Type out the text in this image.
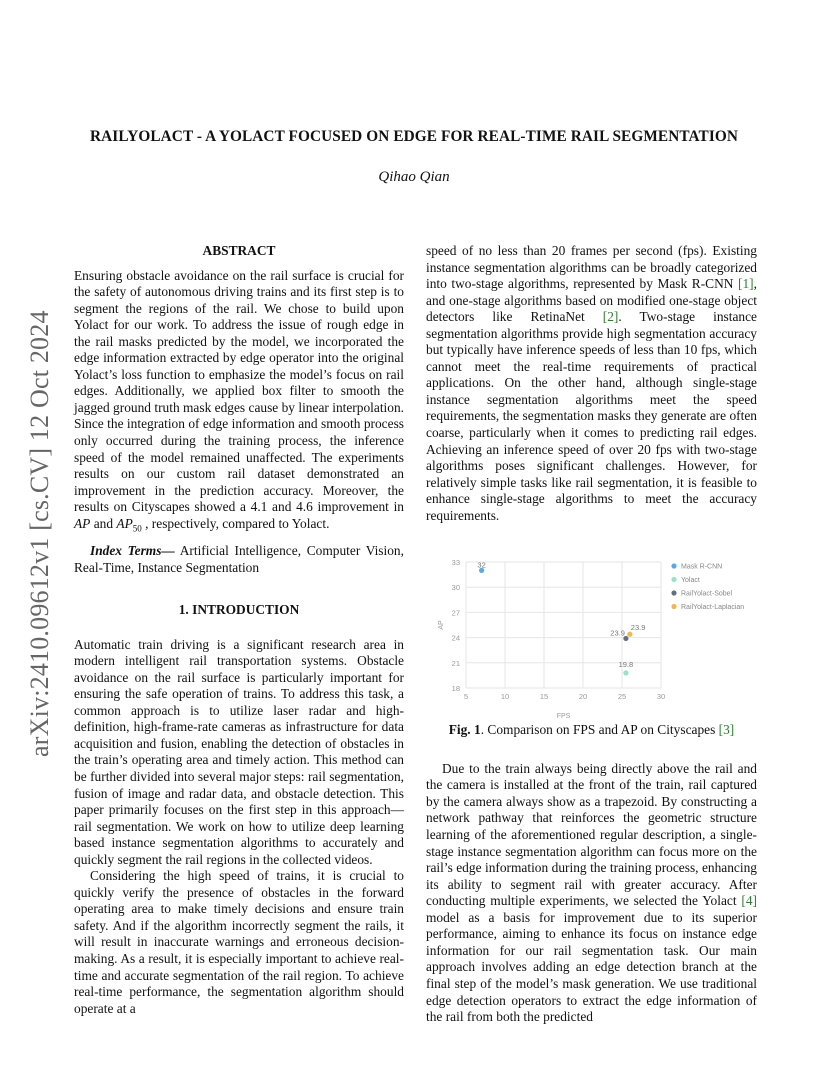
arXiv:2410.09612v1 [cs.CV] 12 Oct 2024
RAILYOLACT - A YOLACT FOCUSED ON EDGE FOR REAL-TIME RAIL SEGMENTATION
Qihao Qian

ABSTRACT

Ensuring obstacle avoidance on the rail surface is crucial for the safety of autonomous driving trains and its first step is to segment the regions of the rail. We chose to build upon Yolact for our work. To address the issue of rough edge in the rail masks predicted by the model, we incorporated the edge information extracted by edge operator into the original Yolact’s loss function to emphasize the model’s focus on rail edges. Additionally, we applied box filter to smooth the jagged ground truth mask edges cause by linear interpolation. Since the integration of edge information and smooth process only occurred during the training process, the inference speed of the model remained unaffected. The experiments results on our custom rail dataset demonstrated an improvement in the prediction accuracy. Moreover, the results on Cityscapes showed a 4.1 and 4.6 improvement in AP and $AP_{50}$ , respectively, compared to Yolact.

Index Terms— Artificial Intelligence, Computer Vision, Real-Time, Instance Segmentation

1. INTRODUCTION

Automatic train driving is a significant research area in modern intelligent rail transportation systems. Obstacle avoidance on the rail surface is particularly important for ensuring the safe operation of trains. To address this task, a common approach is to utilize laser radar and high-definition, high-frame-rate cameras as infrastructure for data acquisition and fusion, enabling the detection of obstacles in the train’s operating area and timely action. This method can be further divided into several major steps: rail segmentation, fusion of image and radar data, and obstacle detection. This paper primarily focuses on the first step in this approach—rail segmentation. We work on how to utilize deep learning based instance segmentation algorithms to accurately and quickly segment the rail regions in the collected videos.

Considering the high speed of trains, it is crucial to quickly verify the presence of obstacles in the forward operating area to make timely decisions and ensure train safety. And if the algorithm incorrectly segment the rails, it will result in inaccurate warnings and erroneous decision-making. As a result, it is especially important to achieve real-time and accurate segmentation of the rail region. To achieve real-time performance, the segmentation algorithm should operate at a

speed of no less than 20 frames per second (fps). Existing instance segmentation algorithms can be broadly categorized into two-stage algorithms, represented by Mask R-CNN [1], and one-stage algorithms based on modified one-stage object detectors like RetinaNet [2]. Two-stage instance segmentation algorithms provide high segmentation accuracy but typically have inference speeds of less than 10 fps, which cannot meet the real-time requirements of practical applications. On the other hand, although single-stage instance segmentation algorithms meet the speed requirements, the segmentation masks they generate are often coarse, particularly when it comes to predicting rail edges. Achieving an inference speed of over 20 fps with two-stage algorithms poses significant challenges. However, for relatively simple tasks like rail segmentation, it is feasible to enhance single-stage algorithms to meet the accuracy requirements.

18
21
24
27
30
33
5	10	15	20	25	30
FPS
AP
32
19.8
23.9
23.9
Mask R-CNN
Yolact
RailYolact-Sobel
RailYolact-Laplacian

Fig. 1. Comparison on FPS and AP on Cityscapes [3]

Due to the train always being directly above the rail and the camera is installed at the front of the train, rail captured by the camera always show as a trapezoid. By constructing a network pathway that reinforces the geometric structure learning of the aforementioned regular description, a single-stage instance segmentation algorithm can focus more on the rail’s edge information during the training process, enhancing its ability to segment rail with greater accuracy. After conducting multiple experiments, we selected the Yolact [4] model as a basis for improvement due to its superior performance, aiming to enhance its focus on instance edge information for our rail segmentation task. Our main approach involves adding an edge detection branch at the final step of the model’s mask generation. We use traditional edge detection operators to extract the edge information of the rail from both the predicted
